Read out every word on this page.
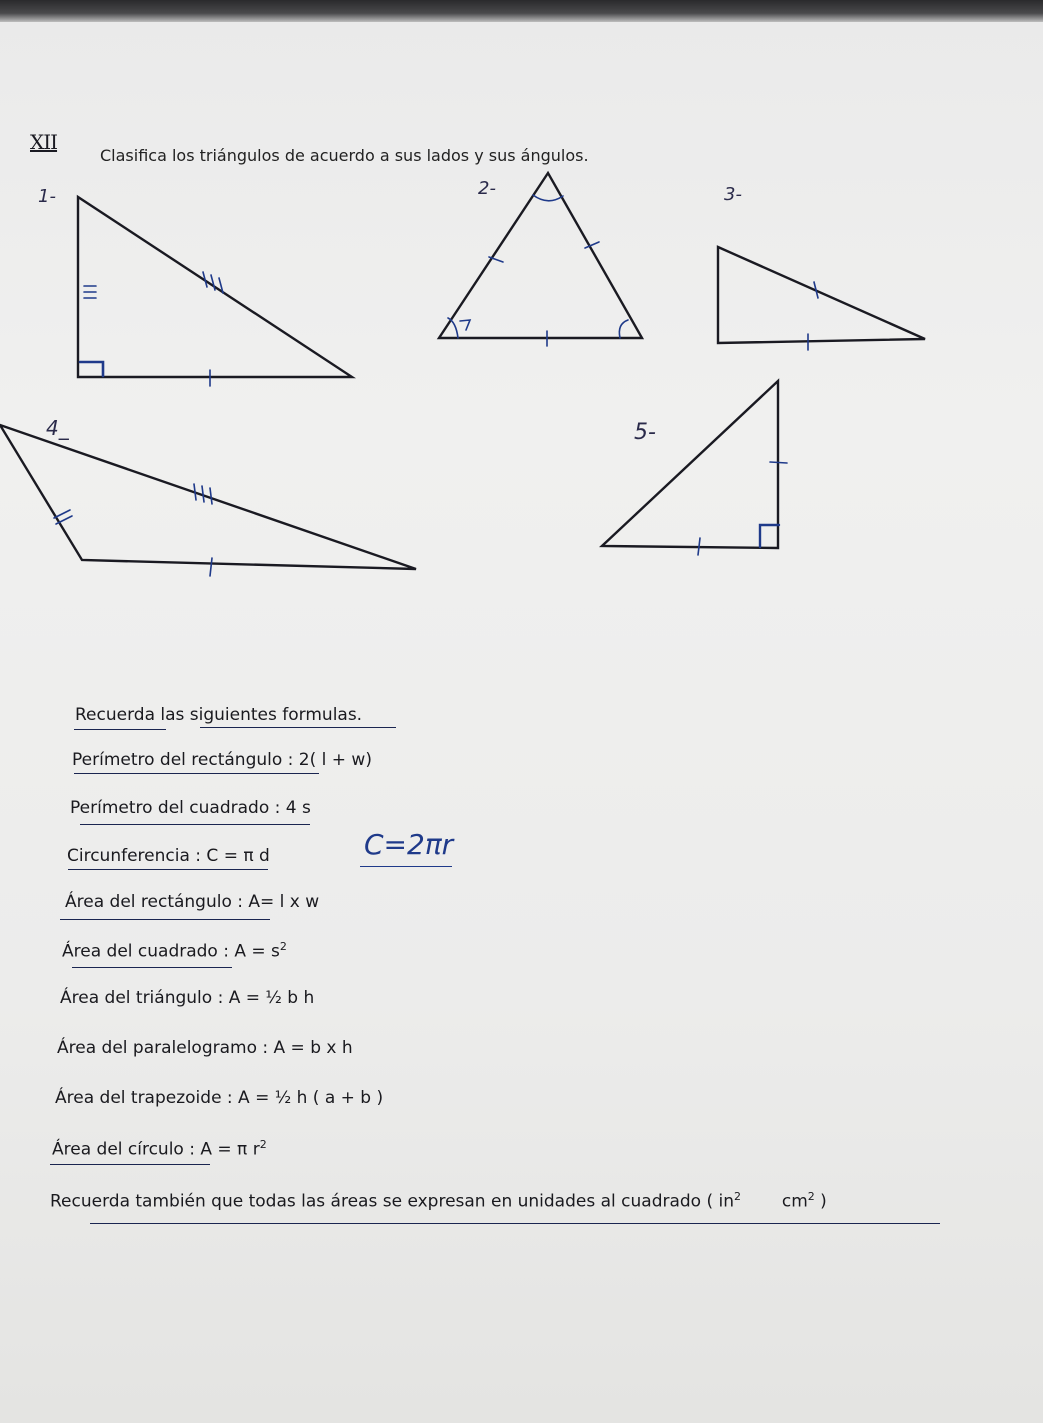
XII
Clasifica los triángulos de acuerdo a sus lados y sus ángulos.
1-	2-	3-
4_	5-
Recuerda las siguientes formulas.
Perímetro del rectángulo : 2( l + w)
Perímetro del cuadrado : 4 s
Circunferencia : C = π d	C=2πr
Área del rectángulo : A= l x w
Área del cuadrado : $A = s^2$
Área del triángulo : A = ½ b h
Área del paralelogramo : A = b x h
Área del trapezoide : A = ½ h ( a + b )
Área del círculo : A = π $r^2$
Recuerda también que todas las áreas se expresan en unidades al cuadrado ( $in^2$ $cm^2$ )
